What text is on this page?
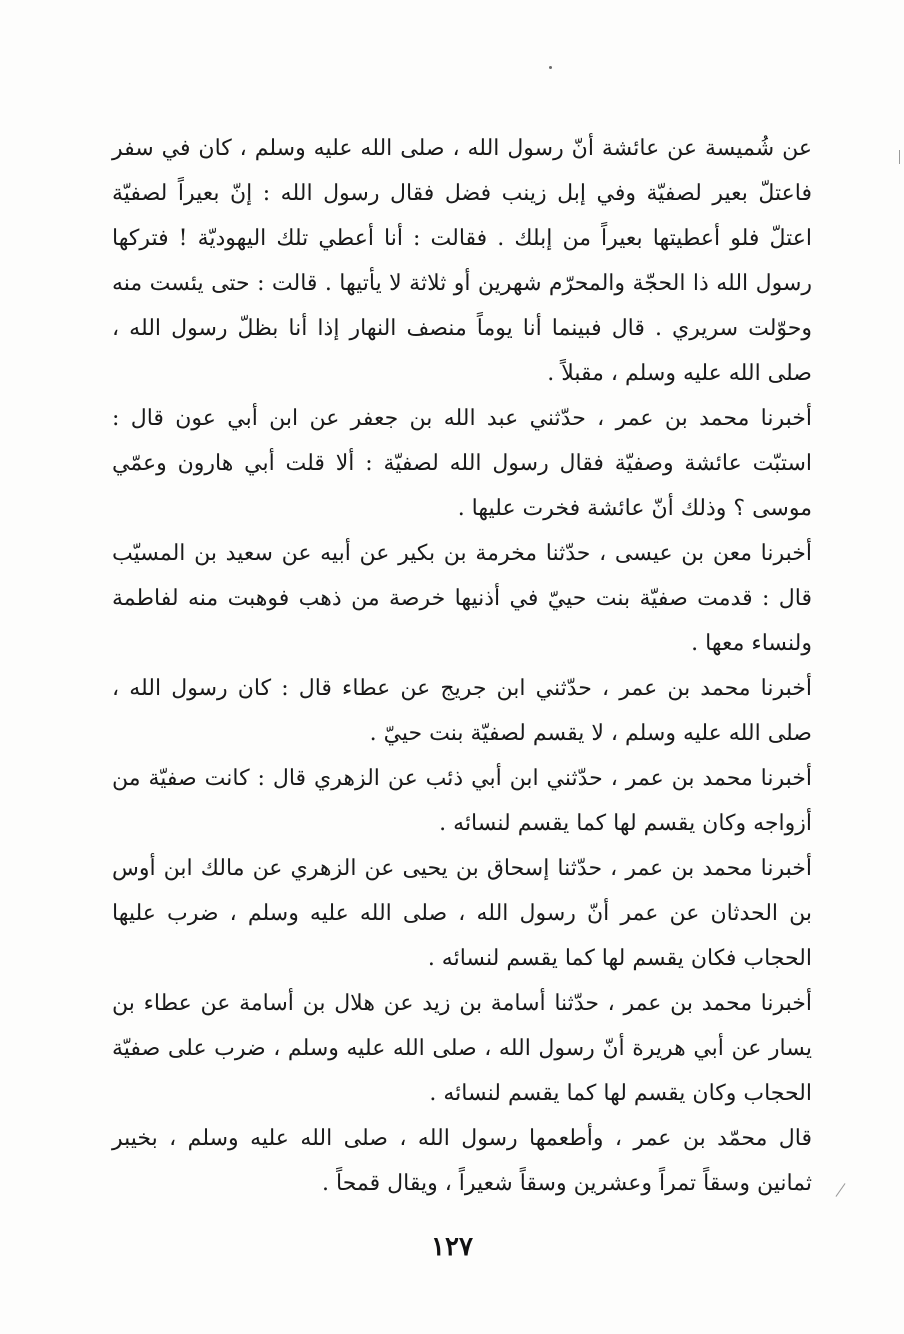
عن شُميسة عن عائشة أنّ رسول الله ، صلى الله عليه وسلم ، كان في سفر فاعتلّ بعير لصفيّة وفي إبل زينب فضل فقال رسول الله : إنّ بعيراً لصفيّة اعتلّ فلو أعطيتها بعيراً من إبلك . فقالت : أنا أعطي تلك اليهوديّة ! فتركها رسول الله ذا الحجّة والمحرّم شهرين أو ثلاثة لا يأتيها . قالت : حتى يئست منه وحوّلت سريري . قال فبينما أنا يوماً منصف النهار إذا أنا بظلّ رسول الله ، صلى الله عليه وسلم ، مقبلاً .

أخبرنا محمد بن عمر ، حدّثني عبد الله بن جعفر عن ابن أبي عون قال : استبّت عائشة وصفيّة فقال رسول الله لصفيّة : ألا قلت أبي هارون وعمّي موسى ؟ وذلك أنّ عائشة فخرت عليها .

أخبرنا معن بن عيسى ، حدّثنا مخرمة بن بكير عن أبيه عن سعيد بن المسيّب قال : قدمت صفيّة بنت حييّ في أذنيها خرصة من ذهب فوهبت منه لفاطمة ولنساء معها .

أخبرنا محمد بن عمر ، حدّثني ابن جريج عن عطاء قال : كان رسول الله ، صلى الله عليه وسلم ، لا يقسم لصفيّة بنت حييّ .

أخبرنا محمد بن عمر ، حدّثني ابن أبي ذئب عن الزهري قال : كانت صفيّة من أزواجه وكان يقسم لها كما يقسم لنسائه .

أخبرنا محمد بن عمر ، حدّثنا إسحاق بن يحيى عن الزهري عن مالك ابن أوس بن الحدثان عن عمر أنّ رسول الله ، صلى الله عليه وسلم ، ضرب عليها الحجاب فكان يقسم لها كما يقسم لنسائه .

أخبرنا محمد بن عمر ، حدّثنا أسامة بن زيد عن هلال بن أسامة عن عطاء بن يسار عن أبي هريرة أنّ رسول الله ، صلى الله عليه وسلم ، ضرب على صفيّة الحجاب وكان يقسم لها كما يقسم لنسائه .

قال محمّد بن عمر ، وأطعمها رسول الله ، صلى الله عليه وسلم ، بخيبر ثمانين وسقاً تمراً وعشرين وسقاً شعيراً ، ويقال قمحاً .

١٢٧
